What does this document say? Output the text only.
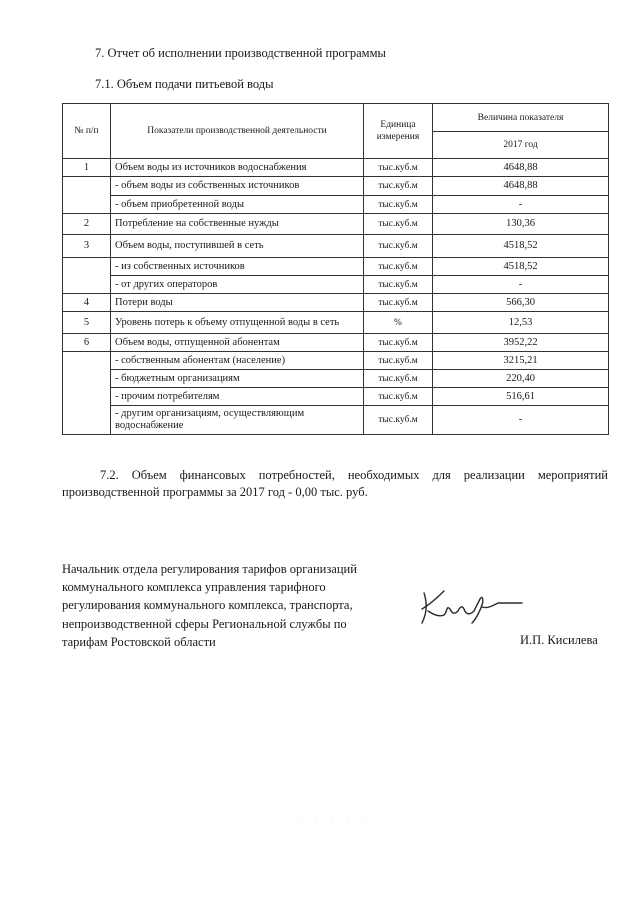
7. Отчет об исполнении производственной программы
7.1. Объем подачи питьевой воды
№ п/п	Показатели производственной деятельности	Единица измерения	Величина показателя
			2017 год
1	Объем воды из источников водоснабжения	тыс.куб.м	4648,88
	- объем воды из собственных источников	тыс.куб.м	4648,88
	- объем приобретенной воды	тыс.куб.м	-
2	Потребление на собственные нужды	тыс.куб.м	130,36
3	Объем воды, поступившей в сеть	тыс.куб.м	4518,52
	- из собственных источников	тыс.куб.м	4518,52
	- от других операторов	тыс.куб.м	-
4	Потери воды	тыс.куб.м	566,30
5	Уровень потерь к объему отпущенной воды в сеть	%	12,53
6	Объем воды, отпущенной абонентам	тыс.куб.м	3952,22
	- собственным абонентам (население)	тыс.куб.м	3215,21
	- бюджетным организациям	тыс.куб.м	220,40
	- прочим потребителям	тыс.куб.м	516,61
	- другим организациям, осуществляющим водоснабжение	тыс.куб.м	-
7.2. Объем финансовых потребностей, необходимых для реализации мероприятий производственной программы за 2017 год - 0,00 тыс. руб.
Начальник отдела регулирования тарифов организаций
коммунального комплекса управления тарифного
регулирования коммунального комплекса, транспорта,
непроизводственной сферы Региональной службы по
тарифам Ростовской области	И.П. Кисилева
· · · · ·
